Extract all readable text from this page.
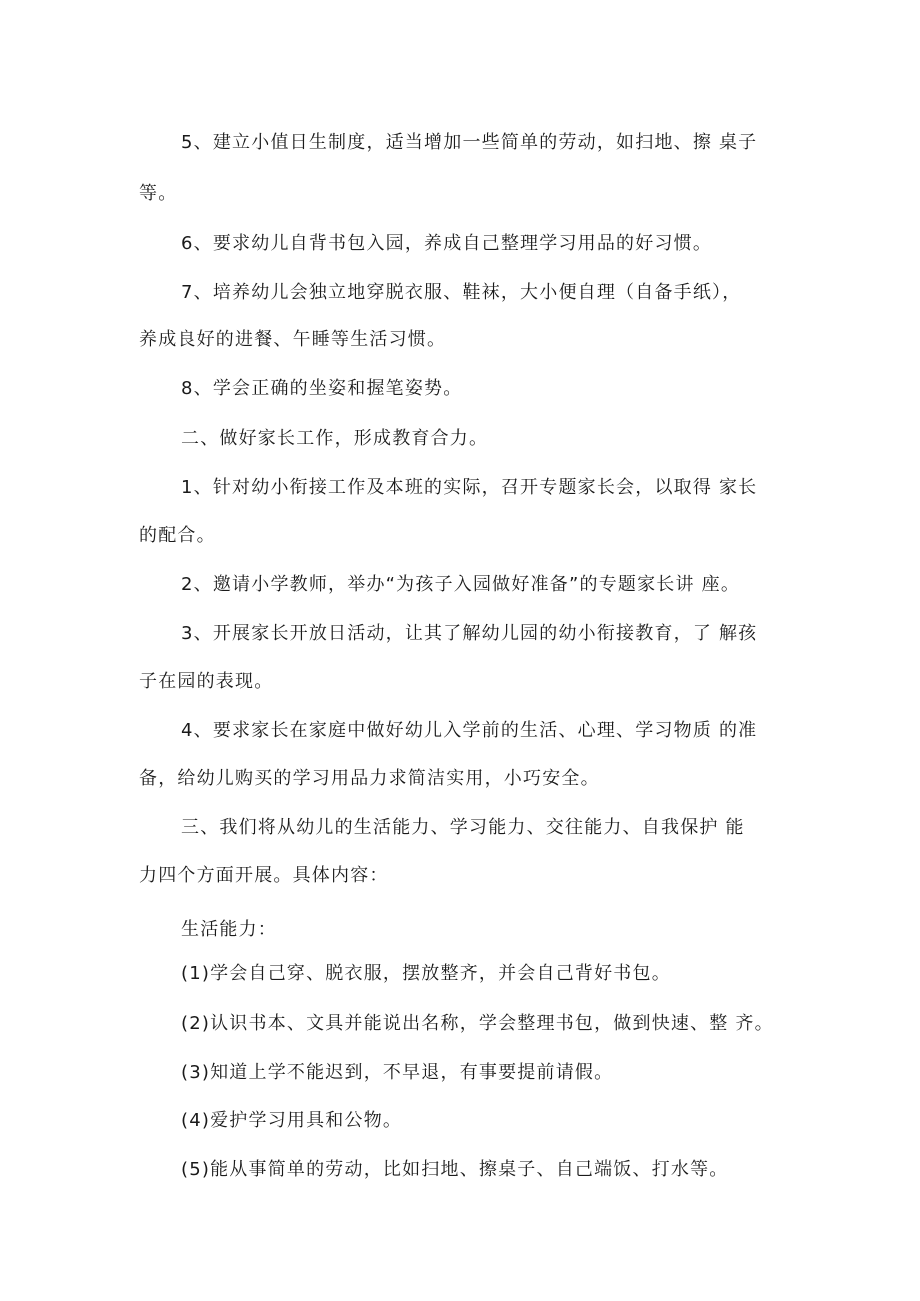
5、建立小值日生制度，适当增加一些简单的劳动，如扫地、擦 桌子

等。

6、要求幼儿自背书包入园，养成自己整理学习用品的好习惯。

7、培养幼儿会独立地穿脱衣服、鞋袜，大小便自理（自备手纸），

养成良好的进餐、午睡等生活习惯。

8、学会正确的坐姿和握笔姿势。

二、做好家长工作，形成教育合力。

1、针对幼小衔接工作及本班的实际，召开专题家长会，以取得 家长

的配合。

2、邀请小学教师，举办“为孩子入园做好准备”的专题家长讲 座。

3、开展家长开放日活动，让其了解幼儿园的幼小衔接教育，了 解孩

子在园的表现。

4、要求家长在家庭中做好幼儿入学前的生活、心理、学习物质 的准

备，给幼儿购买的学习用品力求简洁实用，小巧安全。

三、我们将从幼儿的生活能力、学习能力、交往能力、自我保护 能

力四个方面开展。具体内容：

生活能力：

(1)学会自己穿、脱衣服，摆放整齐，并会自己背好书包。

(2)认识书本、文具并能说出名称，学会整理书包，做到快速、整 齐。

(3)知道上学不能迟到，不早退，有事要提前请假。

(4)爱护学习用具和公物。

(5)能从事简单的劳动，比如扫地、擦桌子、自己端饭、打水等。
